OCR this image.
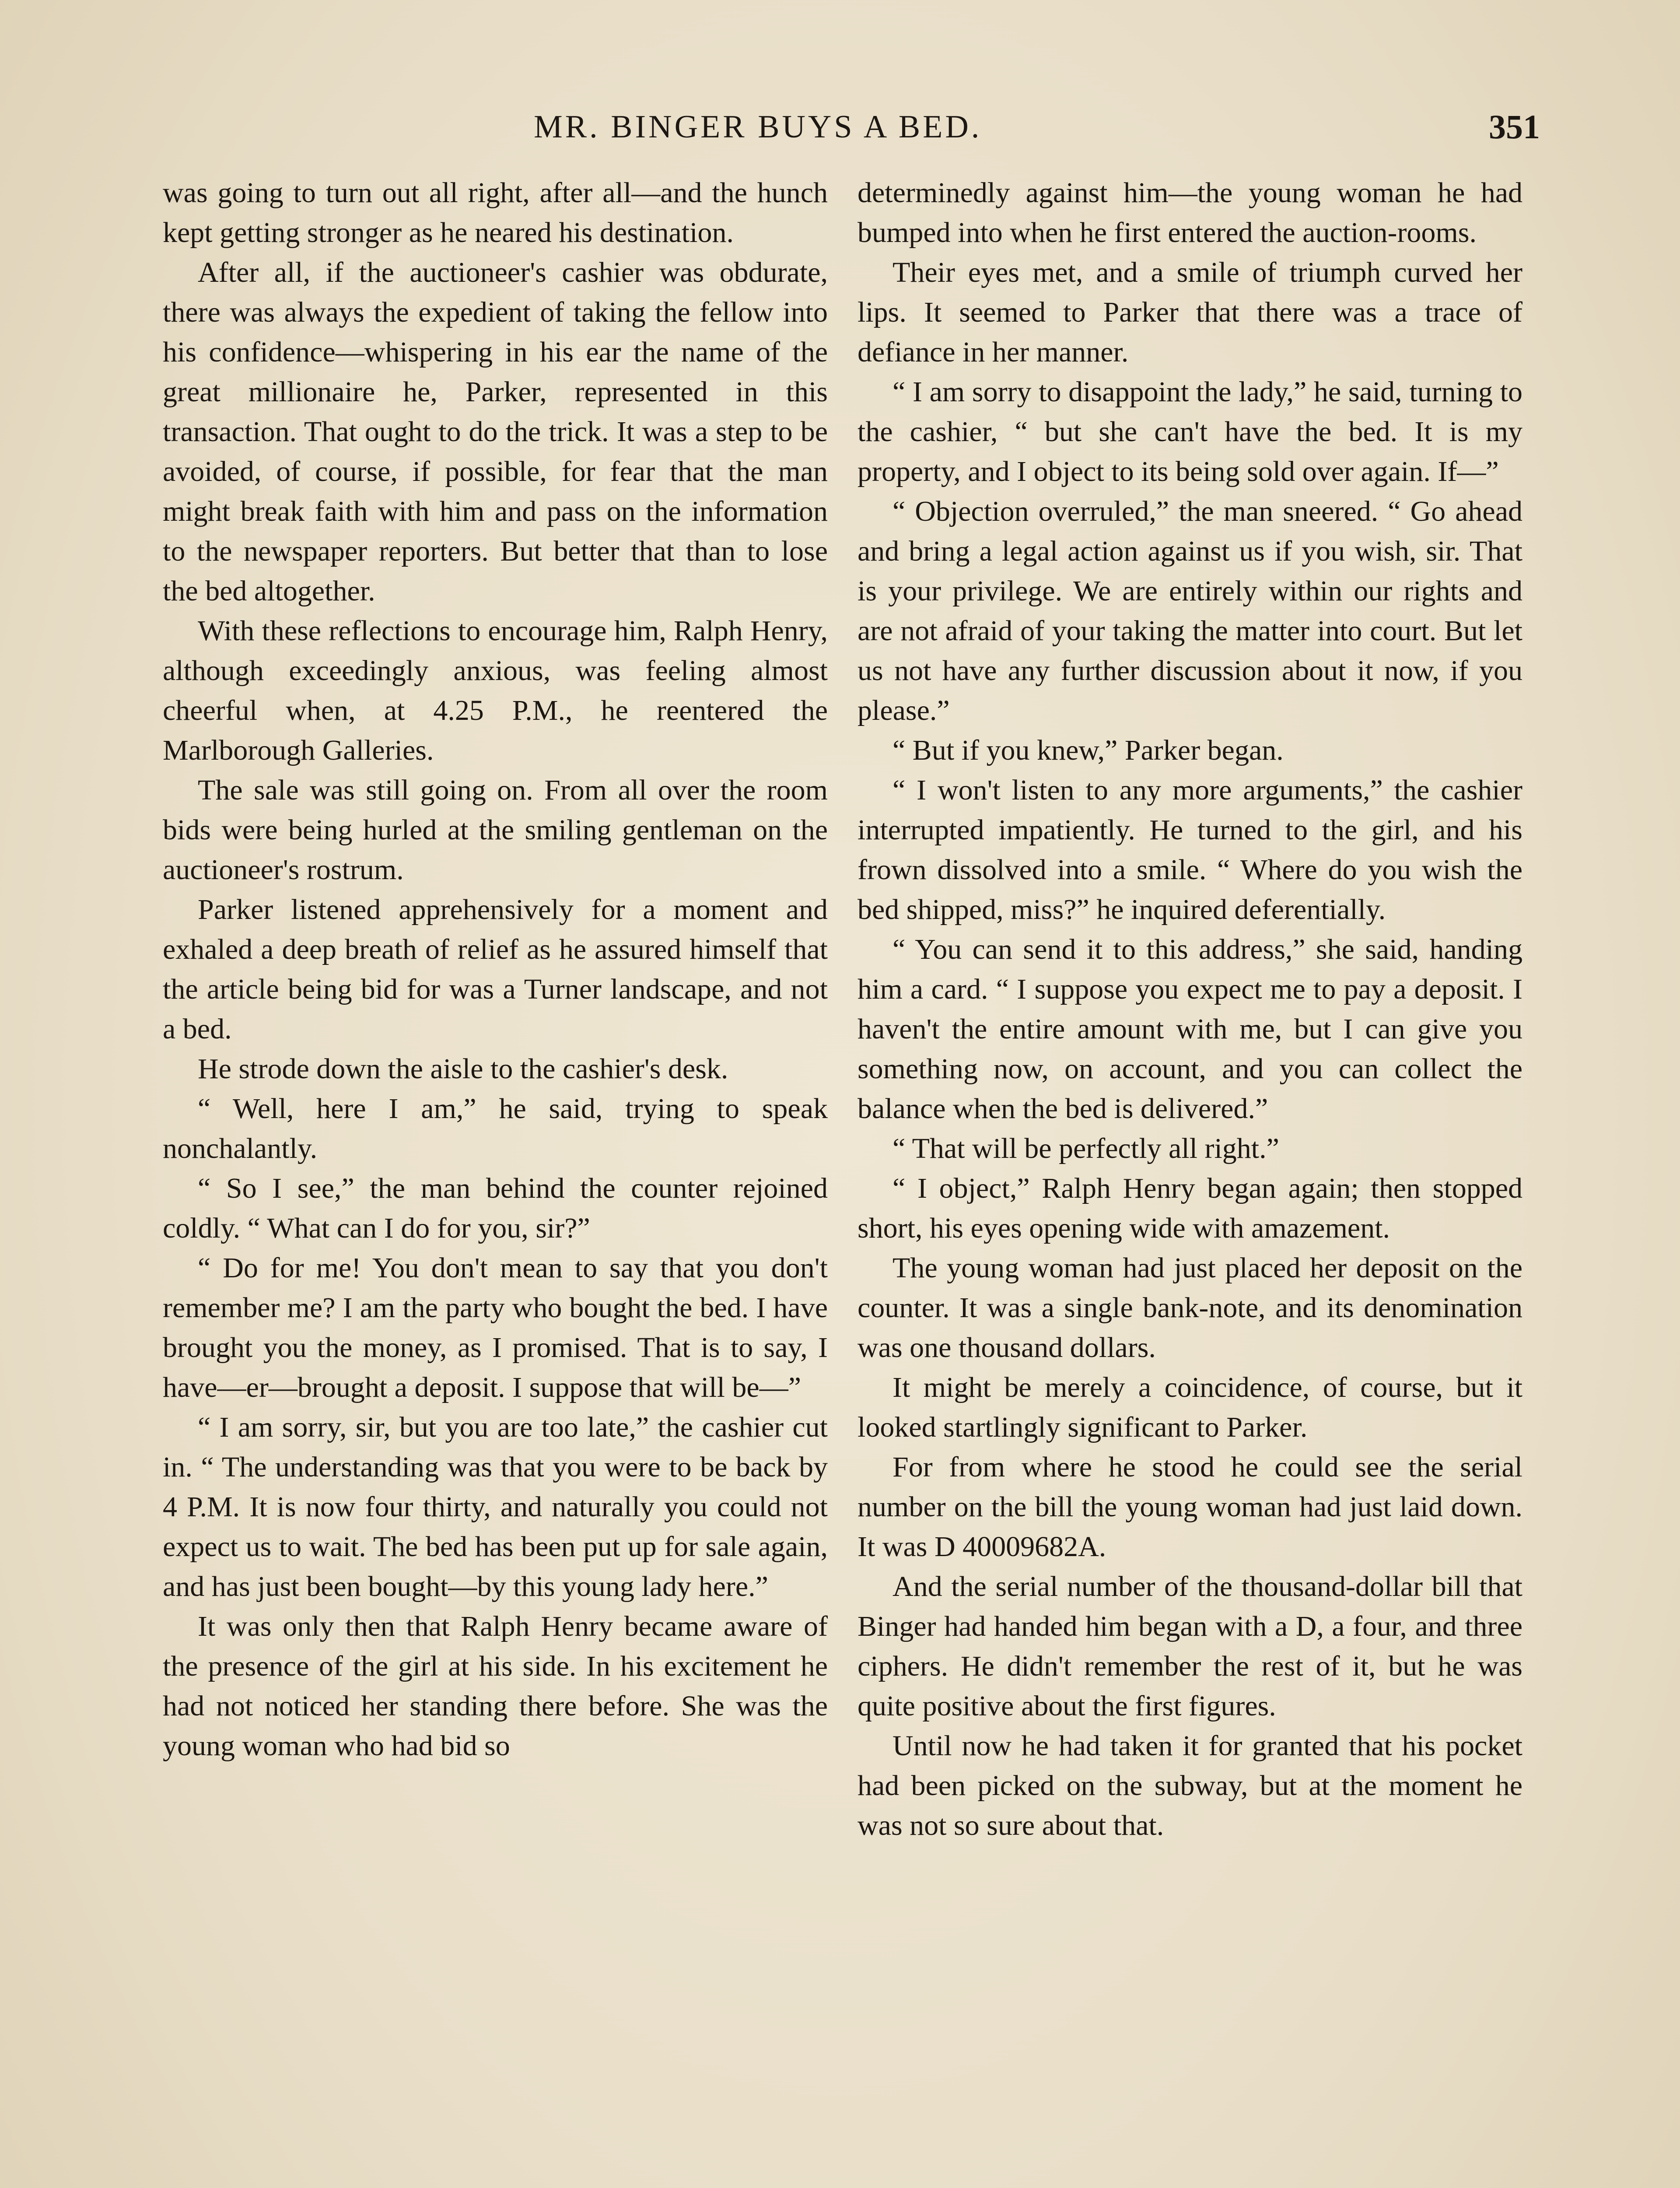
MR. BINGER BUYS A BED.	351

was going to turn out all right, after all—and the hunch kept getting stronger as he neared his destination.

After all, if the auctioneer's cashier was obdurate, there was always the expedient of taking the fellow into his confidence—whispering in his ear the name of the great millionaire he, Parker, represented in this transaction. That ought to do the trick. It was a step to be avoided, of course, if possible, for fear that the man might break faith with him and pass on the information to the newspaper reporters. But better that than to lose the bed altogether.

With these reflections to encourage him, Ralph Henry, although exceedingly anxious, was feeling almost cheerful when, at 4.25 P.M., he reentered the Marlborough Galleries.

The sale was still going on. From all over the room bids were being hurled at the smiling gentleman on the auctioneer's rostrum.

Parker listened apprehensively for a moment and exhaled a deep breath of relief as he assured himself that the article being bid for was a Turner landscape, and not a bed.

He strode down the aisle to the cashier's desk.

“ Well, here I am,” he said, trying to speak nonchalantly.

“ So I see,” the man behind the counter rejoined coldly. “ What can I do for you, sir?”

“ Do for me! You don't mean to say that you don't remember me? I am the party who bought the bed. I have brought you the money, as I promised. That is to say, I have—er—brought a deposit. I suppose that will be—”

“ I am sorry, sir, but you are too late,” the cashier cut in. “ The understanding was that you were to be back by 4 P.M. It is now four thirty, and naturally you could not expect us to wait. The bed has been put up for sale again, and has just been bought—by this young lady here.”

It was only then that Ralph Henry became aware of the presence of the girl at his side. In his excitement he had not noticed her standing there before. She was the young woman who had bid so

determinedly against him—the young woman he had bumped into when he first entered the auction-rooms.

Their eyes met, and a smile of triumph curved her lips. It seemed to Parker that there was a trace of defiance in her manner.

“ I am sorry to disappoint the lady,” he said, turning to the cashier, “ but she can't have the bed. It is my property, and I object to its being sold over again. If—”

“ Objection overruled,” the man sneered. “ Go ahead and bring a legal action against us if you wish, sir. That is your privilege. We are entirely within our rights and are not afraid of your taking the matter into court. But let us not have any further discussion about it now, if you please.”

“ But if you knew,” Parker began.

“ I won't listen to any more arguments,” the cashier interrupted impatiently. He turned to the girl, and his frown dissolved into a smile. “ Where do you wish the bed shipped, miss?” he inquired deferentially.

“ You can send it to this address,” she said, handing him a card. “ I suppose you expect me to pay a deposit. I haven't the entire amount with me, but I can give you something now, on account, and you can collect the balance when the bed is delivered.”

“ That will be perfectly all right.”

“ I object,” Ralph Henry began again; then stopped short, his eyes opening wide with amazement.

The young woman had just placed her deposit on the counter. It was a single bank-note, and its denomination was one thousand dollars.

It might be merely a coincidence, of course, but it looked startlingly significant to Parker.

For from where he stood he could see the serial number on the bill the young woman had just laid down. It was D 40009682A.

And the serial number of the thousand-dollar bill that Binger had handed him began with a D, a four, and three ciphers. He didn't remember the rest of it, but he was quite positive about the first figures.

Until now he had taken it for granted that his pocket had been picked on the subway, but at the moment he was not so sure about that.
